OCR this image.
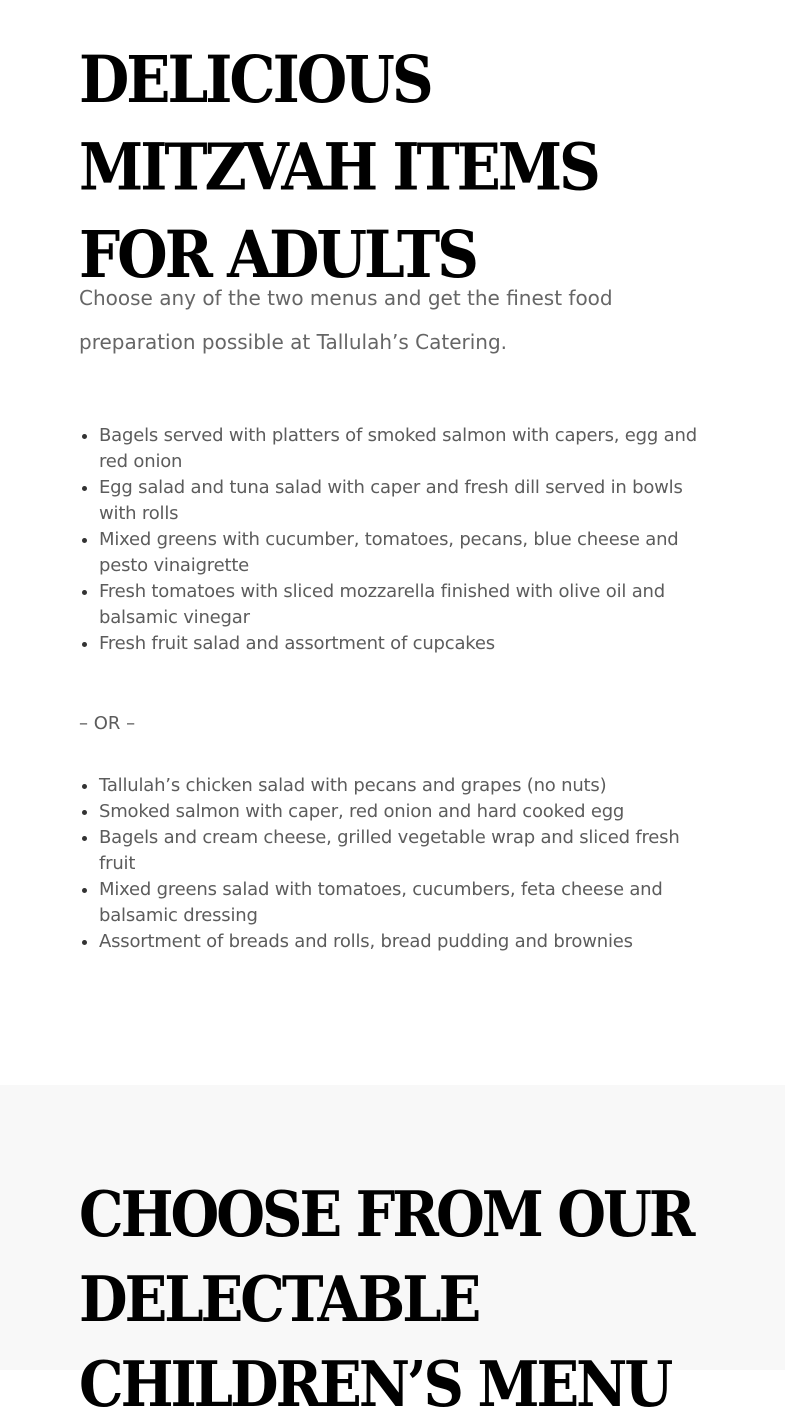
DELICIOUS MITZVAH ITEMS FOR ADULTS

Choose any of the two menus and get the finest food preparation possible at Tallulah’s Catering.

• Bagels served with platters of smoked salmon with capers, egg and red onion
• Egg salad and tuna salad with caper and fresh dill served in bowls with rolls
• Mixed greens with cucumber, tomatoes, pecans, blue cheese and pesto vinaigrette
• Fresh tomatoes with sliced mozzarella finished with olive oil and balsamic vinegar
• Fresh fruit salad and assortment of cupcakes

– OR –

• Tallulah’s chicken salad with pecans and grapes (no nuts)
• Smoked salmon with caper, red onion and hard cooked egg
• Bagels and cream cheese, grilled vegetable wrap and sliced fresh fruit
• Mixed greens salad with tomatoes, cucumbers, feta cheese and balsamic dressing
• Assortment of breads and rolls, bread pudding and brownies
CHOOSE FROM OUR DELECTABLE CHILDREN’S MENU
